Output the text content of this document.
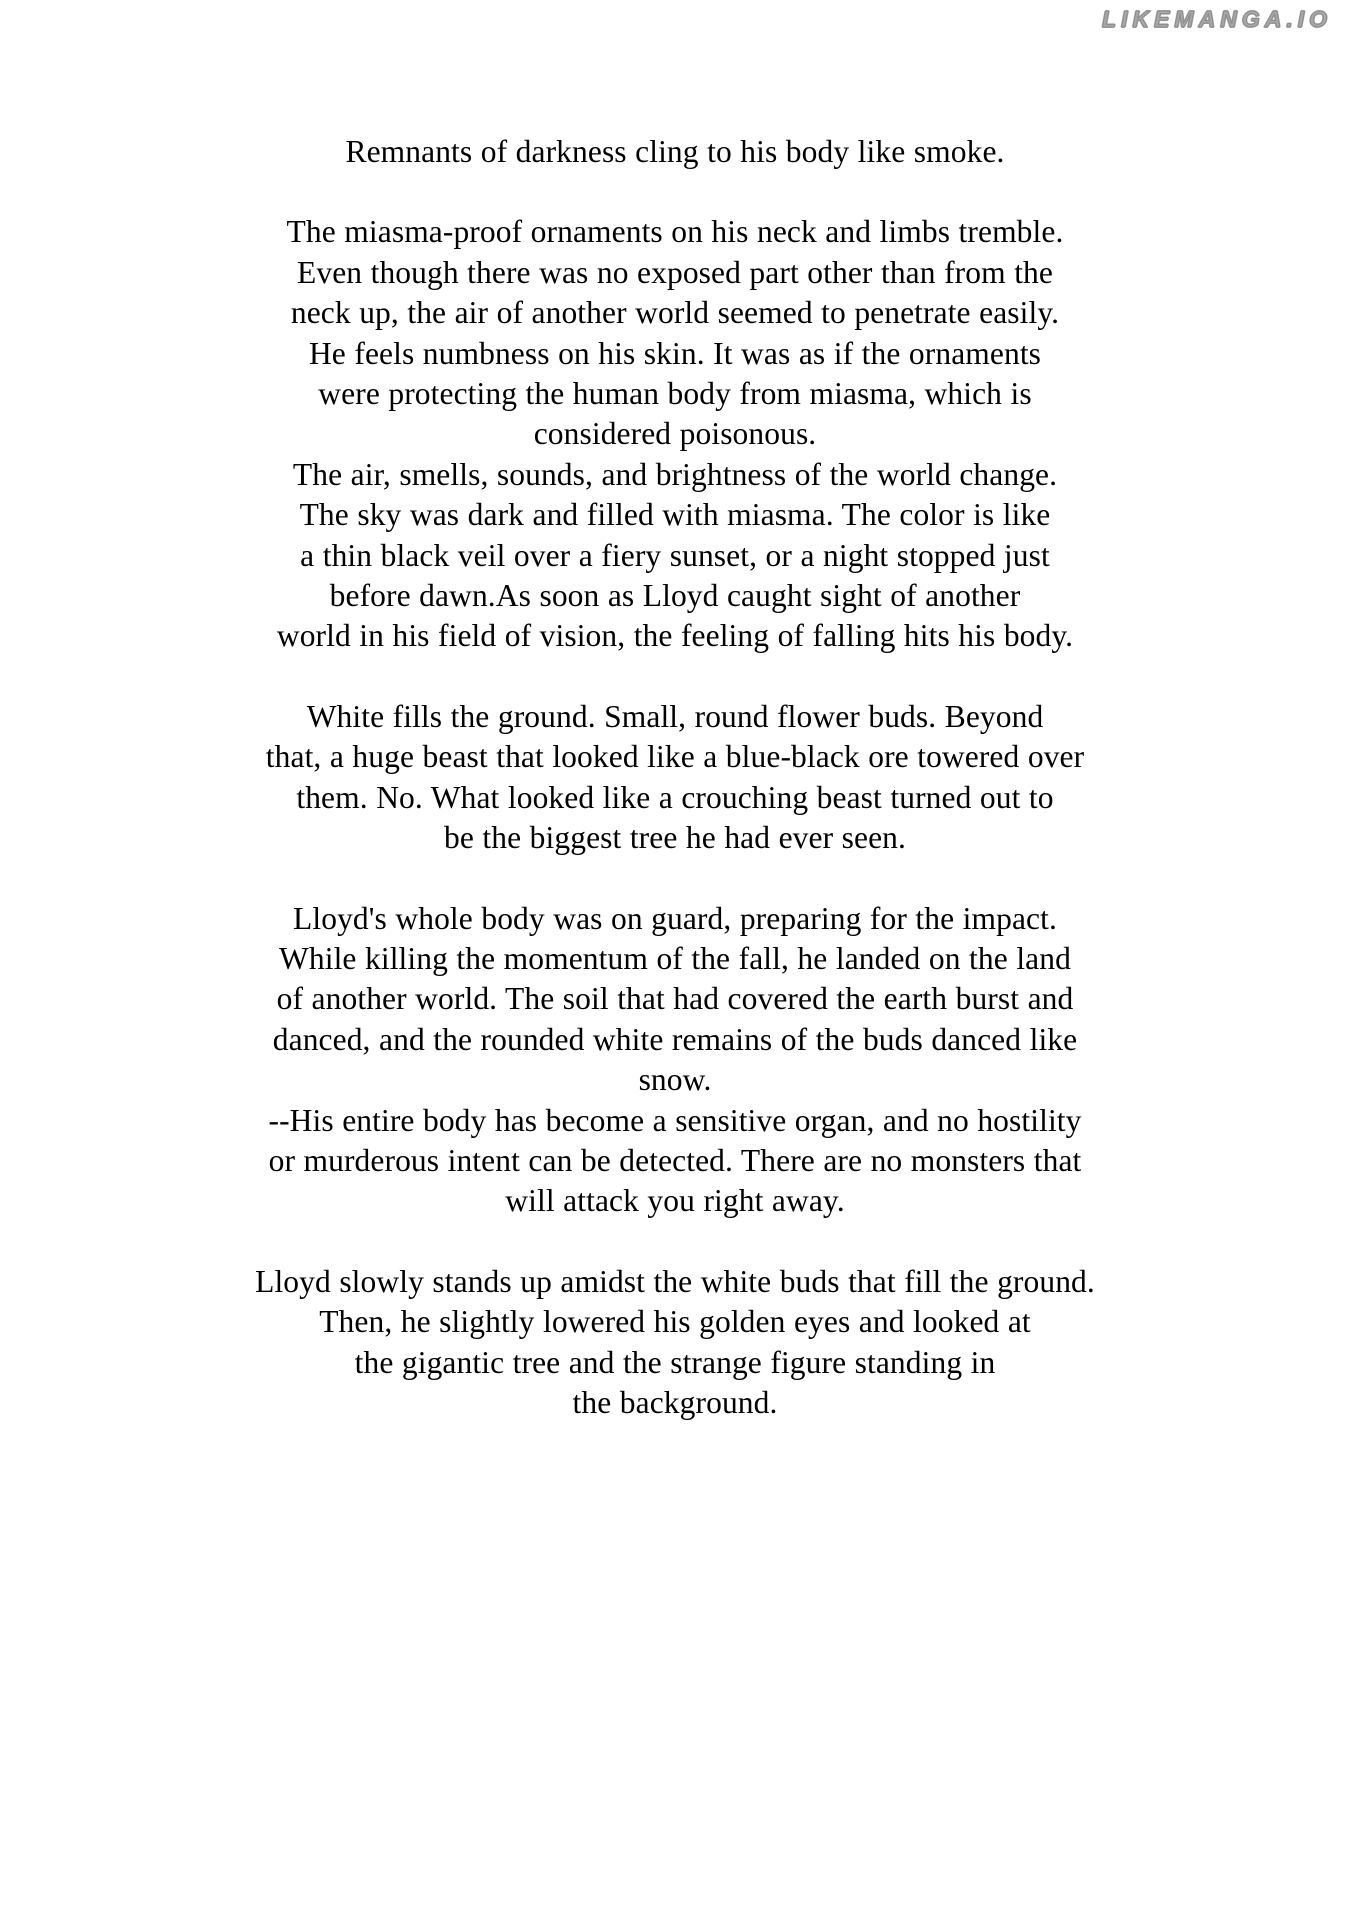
LIKEMANGA.IO

Remnants of darkness cling to his body like smoke.

The miasma-proof ornaments on his neck and limbs tremble.
Even though there was no exposed part other than from the
neck up, the air of another world seemed to penetrate easily.
He feels numbness on his skin. It was as if the ornaments
were protecting the human body from miasma, which is
considered poisonous.
The air, smells, sounds, and brightness of the world change.
The sky was dark and filled with miasma. The color is like
a thin black veil over a fiery sunset, or a night stopped just
before dawn.As soon as Lloyd caught sight of another
world in his field of vision, the feeling of falling hits his body.

White fills the ground. Small, round flower buds. Beyond
that, a huge beast that looked like a blue-black ore towered over
them. No. What looked like a crouching beast turned out to
be the biggest tree he had ever seen.

Lloyd's whole body was on guard, preparing for the impact.
While killing the momentum of the fall, he landed on the land
of another world. The soil that had covered the earth burst and
danced, and the rounded white remains of the buds danced like
snow.
--His entire body has become a sensitive organ, and no hostility
or murderous intent can be detected. There are no monsters that
will attack you right away.

Lloyd slowly stands up amidst the white buds that fill the ground.
Then, he slightly lowered his golden eyes and looked at
the gigantic tree and the strange figure standing in
the background.
